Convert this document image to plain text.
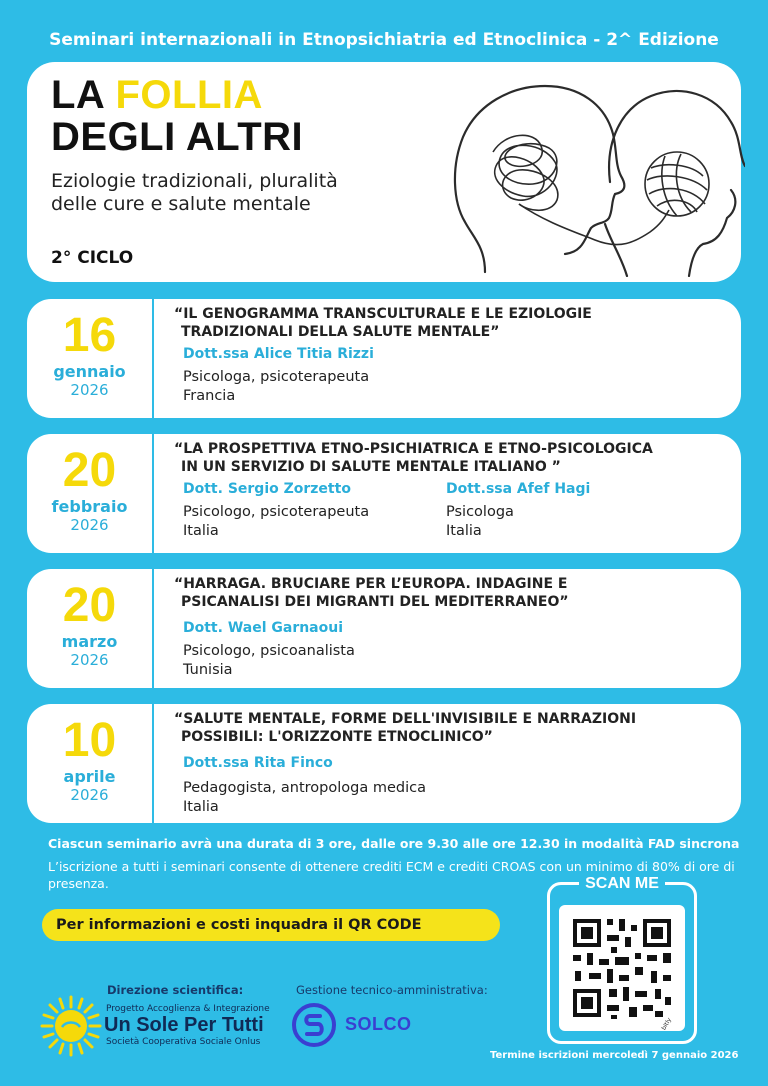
Seminari internazionali in Etnopsichiatria ed Etnoclinica - 2^ Edizione
LA FOLLIA
DEGLI ALTRI
Eziologie tradizionali, pluralità delle cure e salute mentale
2° CICLO
16
gennaio
2026
“IL GENOGRAMMA TRANSCULTURALE E LE EZIOLOGIE
TRADIZIONALI DELLA SALUTE MENTALE”
Dott.ssa Alice Titia Rizzi
Psicologa, psicoterapeuta
Francia
20
febbraio
2026
“LA PROSPETTIVA ETNO-PSICHIATRICA E ETNO-PSICOLOGICA
IN UN SERVIZIO DI SALUTE MENTALE ITALIANO ”
Dott. Sergio Zorzetto
Psicologo, psicoterapeuta
Italia
Dott.ssa Afef Hagi
Psicologa
Italia
20
marzo
2026
“HARRAGA. BRUCIARE PER L’EUROPA. INDAGINE E
PSICANALISI DEI MIGRANTI DEL MEDITERRANEO”
Dott. Wael Garnaoui
Psicologo, psicoanalista
Tunisia
10
aprile
2026
“SALUTE MENTALE, FORME DELL'INVISIBILE E NARRAZIONI
POSSIBILI: L'ORIZZONTE ETNOCLINICO”
Dott.ssa Rita Finco
Pedagogista, antropologa medica
Italia
Ciascun seminario avrà una durata di 3 ore, dalle ore 9.30 alle ore 12.30 in modalità FAD sincrona
L’iscrizione a tutti i seminari consente di ottenere crediti ECM e crediti CROAS con un minimo di 80% di ore di presenza.
Per informazioni e costi inquadra il QR CODE
SCAN ME
bitly
Termine iscrizioni mercoledì 7 gennaio 2026
Direzione scientifica:
Progetto Accoglienza & Integrazione
Un Sole Per Tutti
Società Cooperativa Sociale Onlus
Gestione tecnico-amministrativa:
SOLCO
